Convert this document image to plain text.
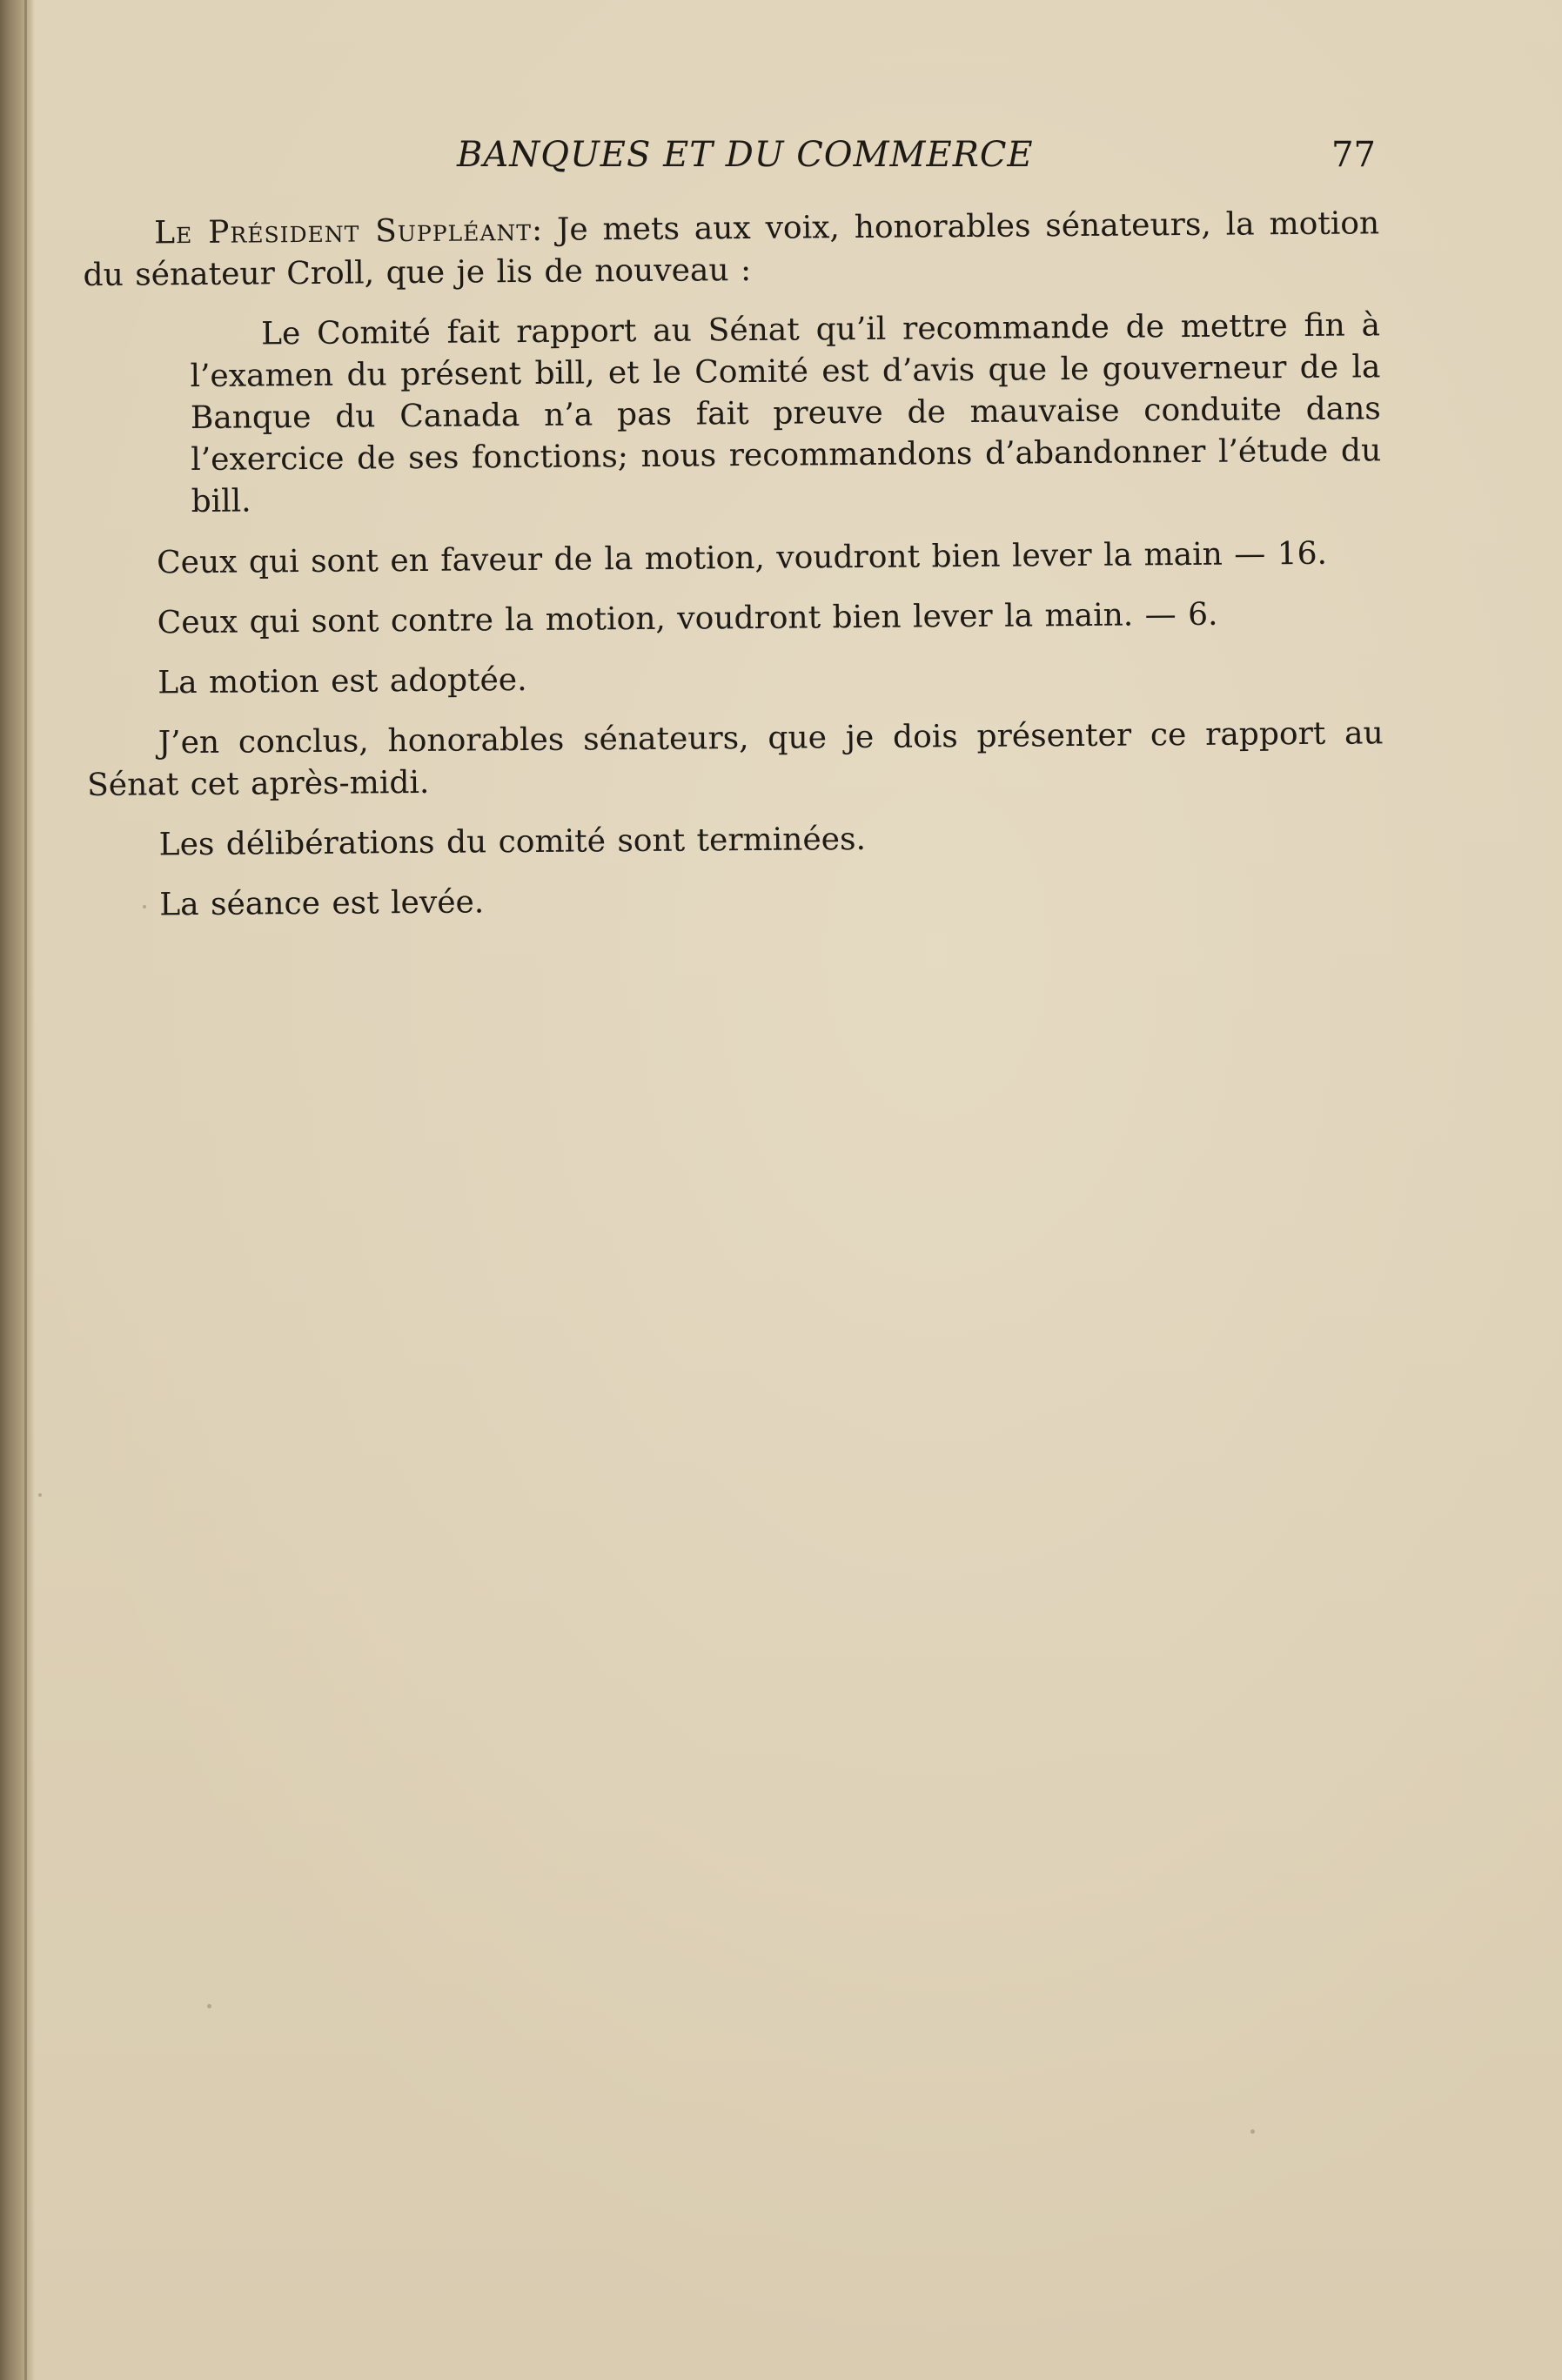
BANQUES ET DU COMMERCE	77

Le Président Suppléant: Je mets aux voix, honorables sénateurs, la motion du sénateur Croll, que je lis de nouveau :

Le Comité fait rapport au Sénat qu’il recommande de mettre fin à l’examen du présent bill, et le Comité est d’avis que le gouverneur de la Banque du Canada n’a pas fait preuve de mauvaise conduite dans l’exercice de ses fonctions; nous recommandons d’abandonner l’étude du bill.

Ceux qui sont en faveur de la motion, voudront bien lever la main — 16.

Ceux qui sont contre la motion, voudront bien lever la main. — 6.

La motion est adoptée.

J’en conclus, honorables sénateurs, que je dois présenter ce rapport au Sénat cet après-midi.

Les délibérations du comité sont terminées.

La séance est levée.
